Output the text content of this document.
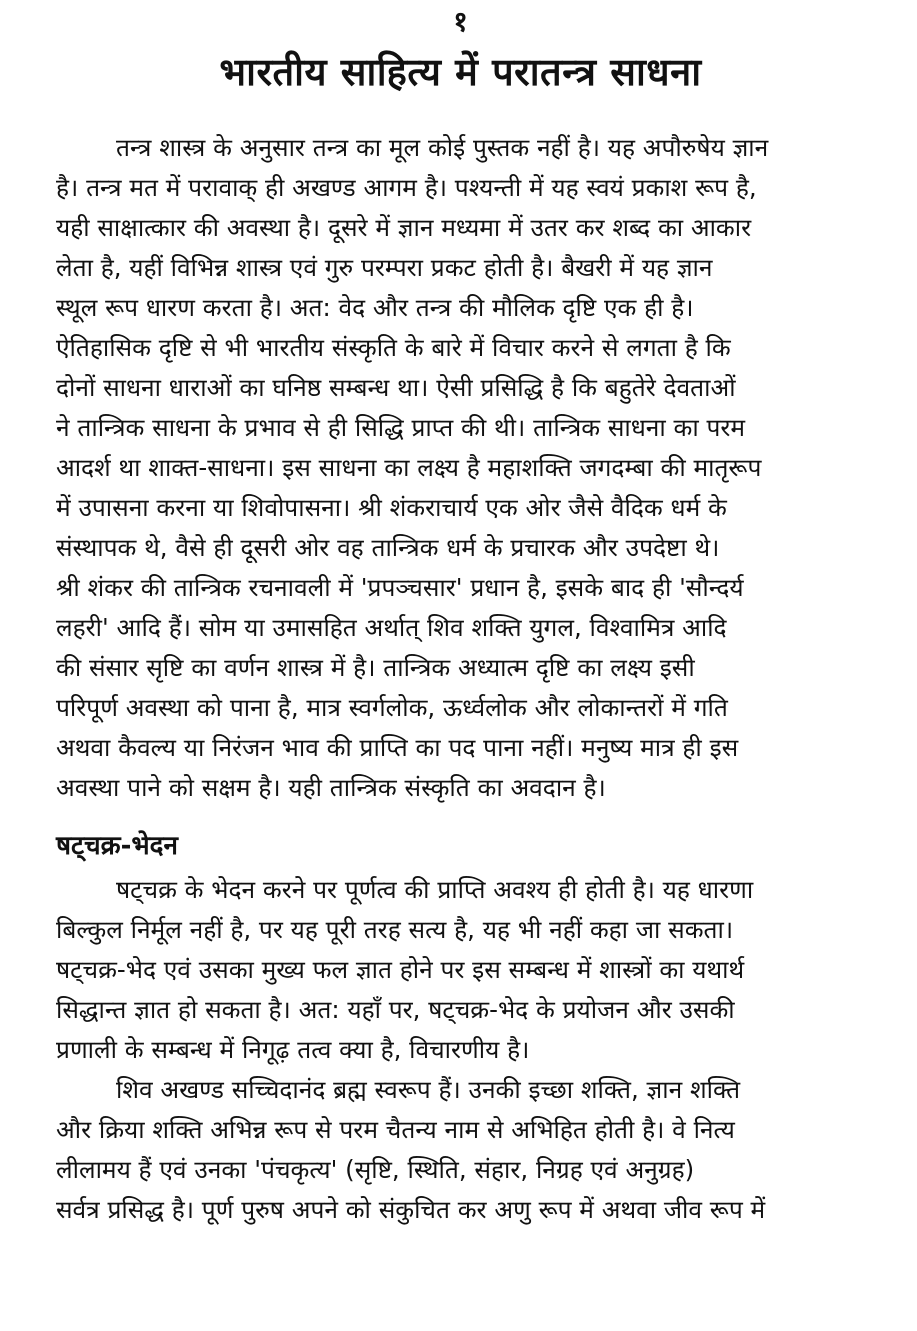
१
भारतीय साहित्य में परातन्त्र साधना

तन्त्र शास्त्र के अनुसार तन्त्र का मूल कोई पुस्तक नहीं है। यह अपौरुषेय ज्ञान
है। तन्त्र मत में परावाक् ही अखण्ड आगम है। पश्यन्ती में यह स्वयं प्रकाश रूप है,
यही साक्षात्कार की अवस्था है। दूसरे में ज्ञान मध्यमा में उतर कर शब्द का आकार
लेता है, यहीं विभिन्न शास्त्र एवं गुरु परम्परा प्रकट होती है। बैखरी में यह ज्ञान
स्थूल रूप धारण करता है। अत: वेद और तन्त्र की मौलिक दृष्टि एक ही है।
ऐतिहासिक दृष्टि से भी भारतीय संस्कृति के बारे में विचार करने से लगता है कि
दोनों साधना धाराओं का घनिष्ठ सम्बन्ध था। ऐसी प्रसिद्धि है कि बहुतेरे देवताओं
ने तान्त्रिक साधना के प्रभाव से ही सिद्धि प्राप्त की थी। तान्त्रिक साधना का परम
आदर्श था शाक्त-साधना। इस साधना का लक्ष्य है महाशक्ति जगदम्बा की मातृरूप
में उपासना करना या शिवोपासना। श्री शंकराचार्य एक ओर जैसे वैदिक धर्म के
संस्थापक थे, वैसे ही दूसरी ओर वह तान्त्रिक धर्म के प्रचारक और उपदेष्टा थे।
श्री शंकर की तान्त्रिक रचनावली में 'प्रपञ्चसार' प्रधान है, इसके बाद ही 'सौन्दर्य
लहरी' आदि हैं। सोम या उमासहित अर्थात् शिव शक्ति युगल, विश्वामित्र आदि
की संसार सृष्टि का वर्णन शास्त्र में है। तान्त्रिक अध्यात्म दृष्टि का लक्ष्य इसी
परिपूर्ण अवस्था को पाना है, मात्र स्वर्गलोक, ऊर्ध्वलोक और लोकान्तरों में गति
अथवा कैवल्य या निरंजन भाव की प्राप्ति का पद पाना नहीं। मनुष्य मात्र ही इस
अवस्था पाने को सक्षम है। यही तान्त्रिक संस्कृति का अवदान है।

षट्चक्र-भेदन

षट्चक्र के भेदन करने पर पूर्णत्व की प्राप्ति अवश्य ही होती है। यह धारणा
बिल्कुल निर्मूल नहीं है, पर यह पूरी तरह सत्य है, यह भी नहीं कहा जा सकता।
षट्चक्र-भेद एवं उसका मुख्य फल ज्ञात होने पर इस सम्बन्ध में शास्त्रों का यथार्थ
सिद्धान्त ज्ञात हो सकता है। अत: यहाँ पर, षट्चक्र-भेद के प्रयोजन और उसकी
प्रणाली के सम्बन्ध में निगूढ़ तत्व क्या है, विचारणीय है।

शिव अखण्ड सच्चिदानंद ब्रह्म स्वरूप हैं। उनकी इच्छा शक्ति, ज्ञान शक्ति
और क्रिया शक्ति अभिन्न रूप से परम चैतन्य नाम से अभिहित होती है। वे नित्य
लीलामय हैं एवं उनका 'पंचकृत्य' (सृष्टि, स्थिति, संहार, निग्रह एवं अनुग्रह)
सर्वत्र प्रसिद्ध है। पूर्ण पुरुष अपने को संकुचित कर अणु रूप में अथवा जीव रूप में
